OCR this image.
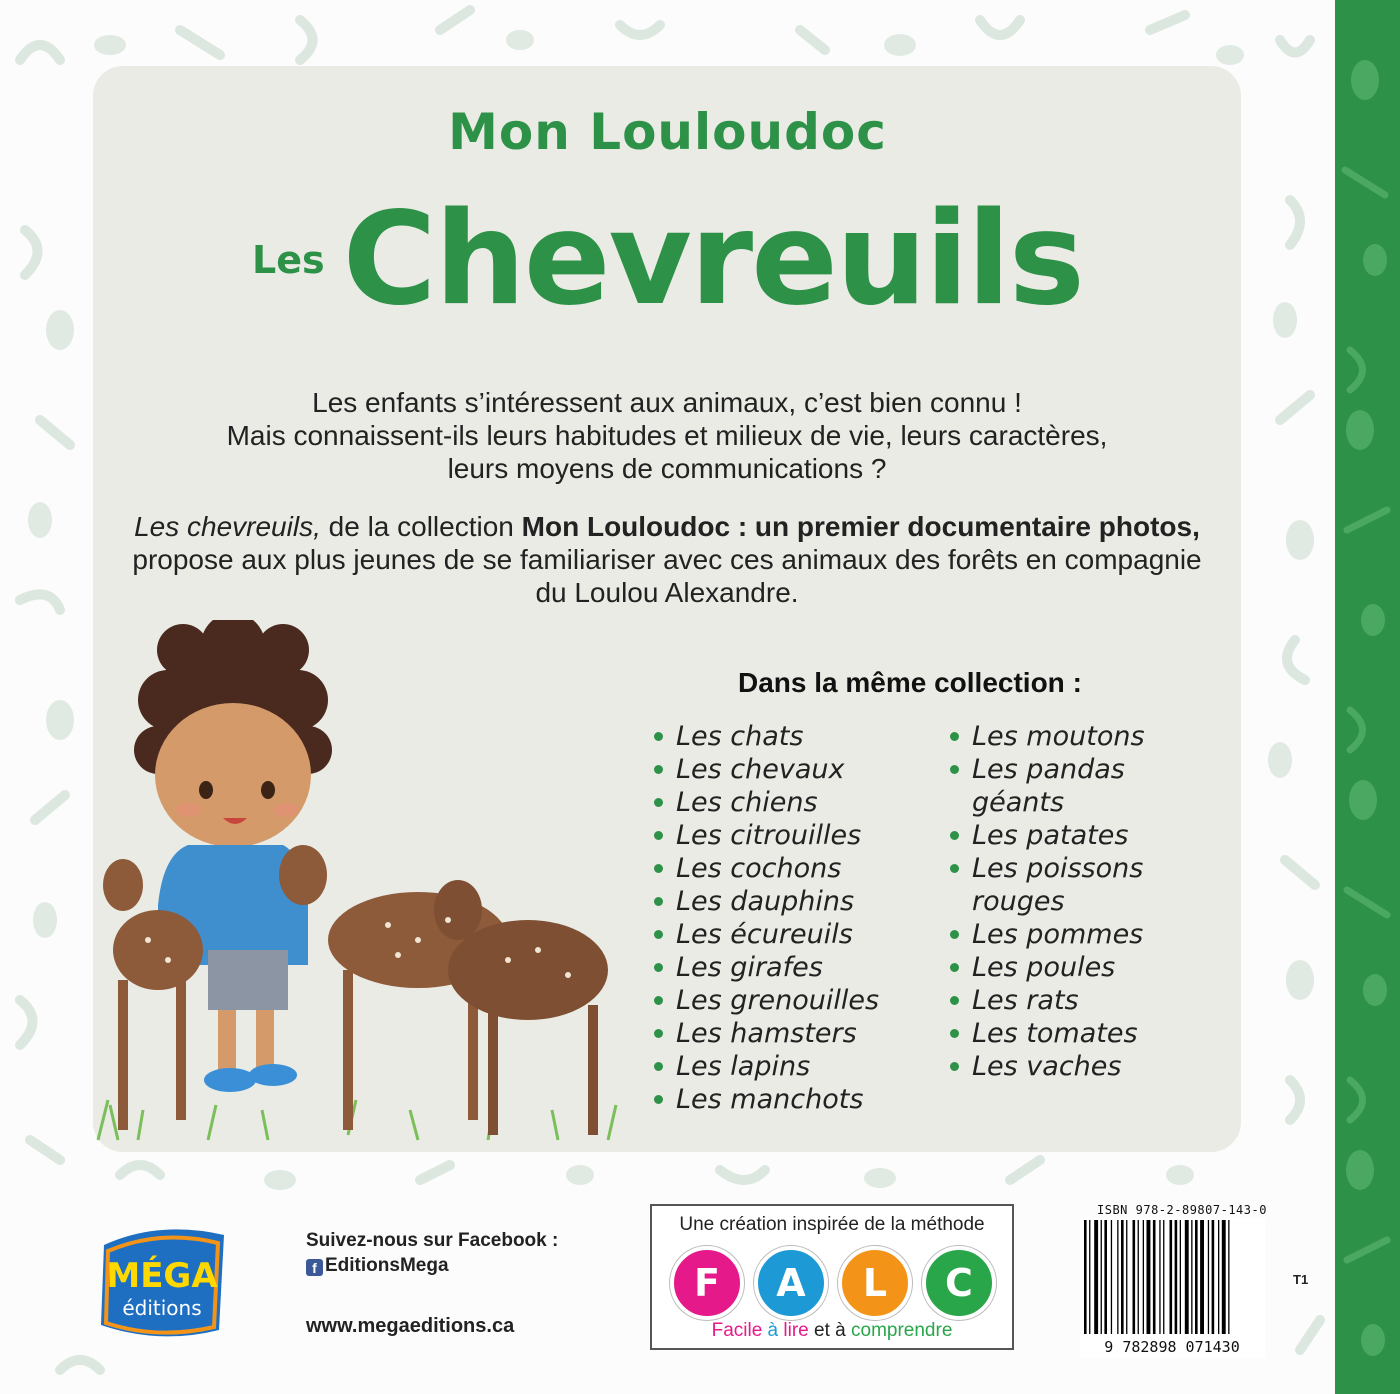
Mon Louloudoc
Les Chevreuils

Les enfants s’intéressent aux animaux, c’est bien connu !

Mais connaissent-ils leurs habitudes et milieux de vie, leurs caractères,

leurs moyens de communications ?

Les chevreuils, de la collection Mon Louloudoc : un premier documentaire photos, propose aux plus jeunes de se familiariser avec ces animaux des forêts en compagnie du Loulou Alexandre.

Dans la même collection :
Les chats
Les chevaux
Les chiens
Les citrouilles
Les cochons
Les dauphins
Les écureuils
Les girafes
Les grenouilles
Les hamsters
Les lapins
Les manchots
Les moutons
Les pandas géants
Les patates
Les poissons rouges
Les pommes
Les poules
Les rats
Les tomates
Les vaches
MÉGA
éditions
Suivez-nous sur Facebook :
f EditionsMega
www.megaeditions.ca
Une création inspirée de la méthode
F	A	L	C
Facile à lire et à comprendre
ISBN 978-2-89807-143-0
9 782898 071430
T1
